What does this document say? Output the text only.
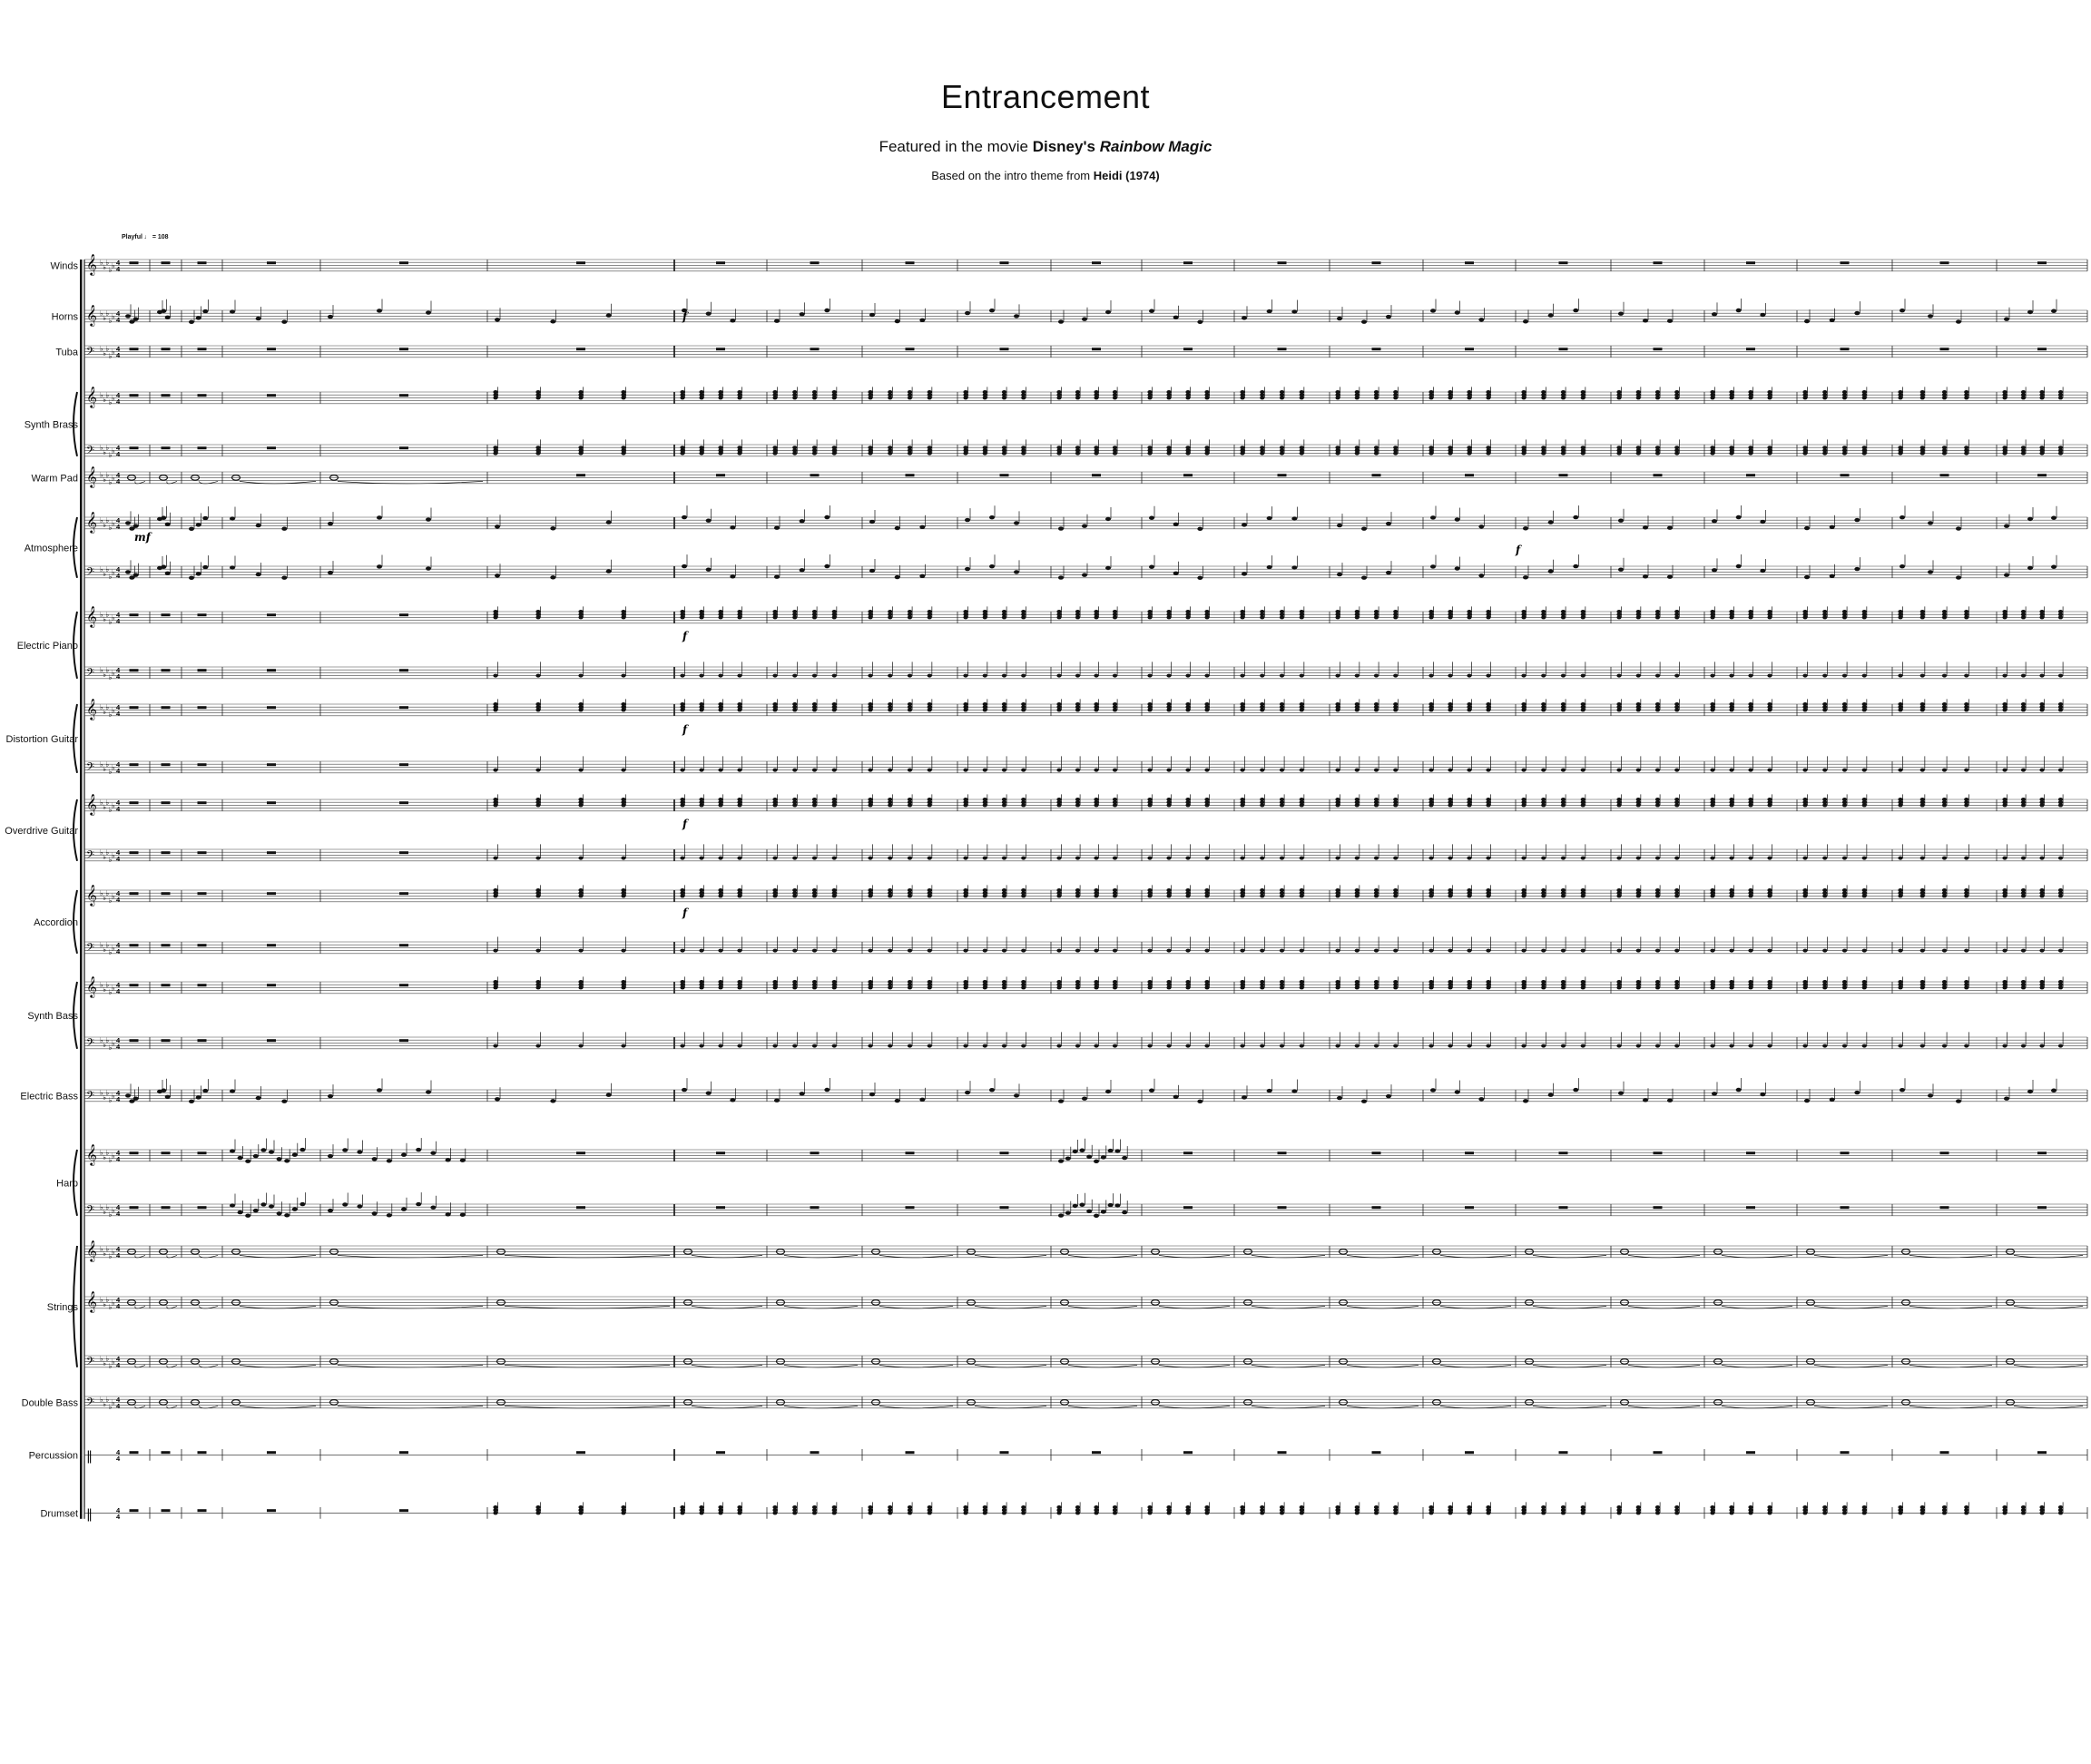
Entrancement
Featured in the movie Disney's Rainbow Magic
Based on the intro theme from Heidi (1974)
Playful ♩ = 108
Winds 𝄞 ♭
♭
♭
♭
♭ 4
4
Horns 𝄞 ♭
♭
♭
♭
♭ 4
4
Tuba 𝄢 ♭
♭
♭
♭
♭ 4
4
Synth Brass
𝄞 ♭
♭
♭
♭
♭ 4
4
𝄢 ♭
♭
♭
♭
♭ 4
4
Warm Pad 𝄞 ♭
♭
♭
♭
♭ 4
4
Atmosphere
𝄞 ♭
♭
♭
♭
♭ 4
4
𝄢 ♭
♭
♭
♭
♭ 4
4
Electric Piano
𝄞 ♭
♭
♭
♭
♭ 4
4
𝄢 ♭
♭
♭
♭
♭ 4
4
Distortion Guitar
𝄞 ♭
♭
♭
♭
♭ 4
4
𝄢 ♭
♭
♭
♭
♭ 4
4
Overdrive Guitar
𝄞 ♭
♭
♭
♭
♭ 4
4
𝄢 ♭
♭
♭
♭
♭ 4
4
Accordion
𝄞 ♭
♭
♭
♭
♭ 4
4
𝄢 ♭
♭
♭
♭
♭ 4
4
Synth Bass
𝄞 ♭
♭
♭
♭
♭ 4
4
𝄢 ♭
♭
♭
♭
♭ 4
4
Electric Bass 𝄢 ♭
♭
♭
♭
♭ 4
4
Harp
𝄞 ♭
♭
♭
♭
♭ 4
4
𝄢 ♭
♭
♭
♭
♭ 4
4
Strings
𝄞 ♭
♭
♭
♭
♭ 4
4
𝄞 ♭
♭
♭
♭
♭ 4
4
𝄢 ♭
♭
♭
♭
♭ 4
4
Double Bass 𝄢 ♭
♭
♭
♭
♭ 4
4
Percussion ‖	4
4
Drumset ‖	4
4
f
f
mf
f
f
f
f
